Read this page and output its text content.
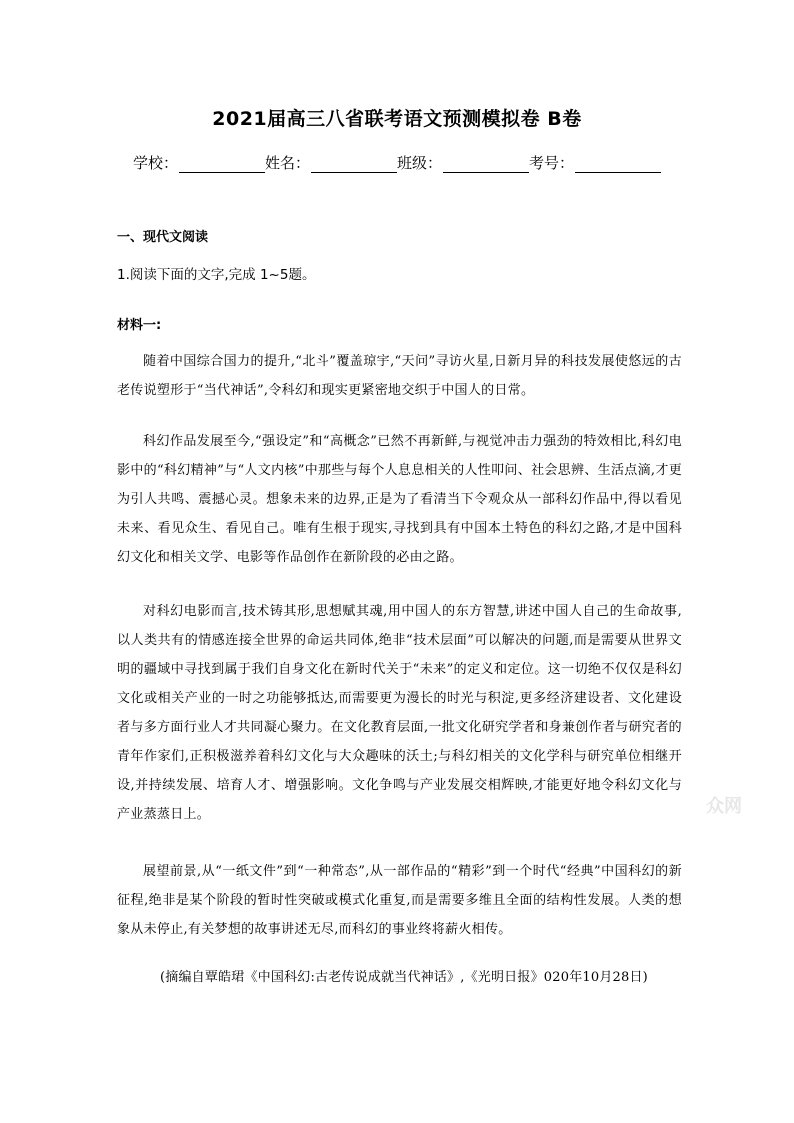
2021届高三八省联考语文预测模拟卷 B卷
学校：	姓名：	班级：	考号：
一、现代文阅读
1.阅读下面的文字,完成 1~5题。
材料一:

随着中国综合国力的提升,“北斗”覆盖琼宇,“天问”寻访火星,日新月异的科技发展使悠远的古老传说塑形于“当代神话”,令科幻和现实更紧密地交织于中国人的日常。

科幻作品发展至今,“强设定”和“高概念”已然不再新鲜,与视觉冲击力强劲的特效相比,科幻电影中的“科幻精神”与“人文内核”中那些与每个人息息相关的人性叩问、社会思辨、生活点滴,才更为引人共鸣、震撼心灵。想象未来的边界,正是为了看清当下令观众从一部科幻作品中,得以看见未来、看见众生、看见自己。唯有生根于现实,寻找到具有中国本土特色的科幻之路,才是中国科幻文化和相关文学、电影等作品创作在新阶段的必由之路。

对科幻电影而言,技术铸其形,思想赋其魂,用中国人的东方智慧,讲述中国人自己的生命故事,以人类共有的情感连接全世界的命运共同体,绝非“技术层面”可以解决的问题,而是需要从世界文明的疆域中寻找到属于我们自身文化在新时代关于“未来”的定义和定位。这一切绝不仅仅是科幻文化或相关产业的一时之功能够抵达,而需要更为漫长的时光与积淀,更多经济建设者、文化建设者与多方面行业人才共同凝心聚力。在文化教育层面,一批文化研究学者和身兼创作者与研究者的青年作家们,正积极滋养着科幻文化与大众趣味的沃土;与科幻相关的文化学科与研究单位相继开设,并持续发展、培育人才、增强影响。文化争鸣与产业发展交相辉映,才能更好地令科幻文化与产业蒸蒸日上。

展望前景,从“一纸文件”到“一种常态”,从一部作品的“精彩”到一个时代“经典”中国科幻的新征程,绝非是某个阶段的暂时性突破或模式化重复,而是需要多维且全面的结构性发展。人类的想象从未停止,有关梦想的故事讲述无尽,而科幻的事业终将薪火相传。

(摘编自覃皓珺《中国科幻:古老传说成就当代神话》,《光明日报》020年10月28日)
众网
